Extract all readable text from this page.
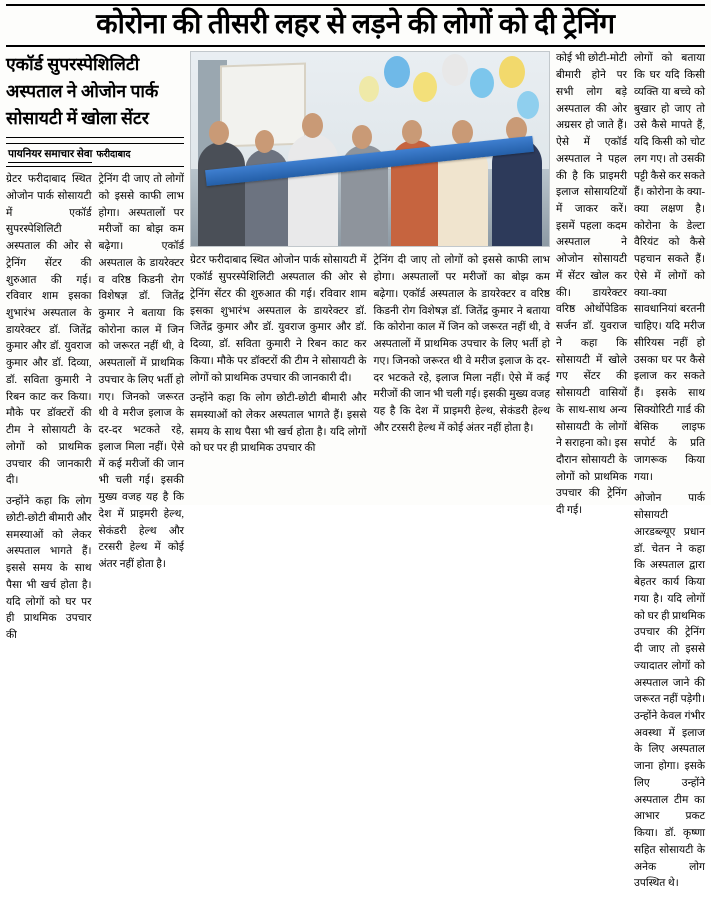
कोरोना की तीसरी लहर से लड़ने की लोगों को दी ट्रेनिंग
एकॉर्ड सुपरस्पेशिलिटी अस्पताल ने ओजोन पार्क सोसायटी में खोला सेंटर
पायनियर समाचार सेवा फरीदाबाद

ग्रेटर फरीदाबाद स्थित ओजोन पार्क सोसायटी में एकॉर्ड सुपरस्पेशिलिटी अस्पताल की ओर से ट्रेनिंग सेंटर की शुरुआत की गई। रविवार शाम इसका शुभारंभ अस्पताल के डायरेक्टर डॉ. जितेंद्र कुमार और डॉ. युवराज कुमार और डॉ. दिव्या, डॉ. सविता कुमारी ने रिबन काट कर किया। मौके पर डॉक्टरों की टीम ने सोसायटी के लोगों को प्राथमिक उपचार की जानकारी दी।

उन्होंने कहा कि लोग छोटी-छोटी बीमारी और समस्याओं को लेकर अस्पताल भागते हैं। इससे समय के साथ पैसा भी खर्च होता है। यदि लोगों को घर पर ही प्राथमिक उपचार की

ट्रेनिंग दी जाए तो लोगों को इससे काफी लाभ होगा। अस्पतालों पर मरीजों का बोझ कम बढ़ेगा। एकॉर्ड अस्पताल के डायरेक्टर व वरिष्ठ किडनी रोग विशेषज्ञ डॉ. जितेंद्र कुमार ने बताया कि कोरोना काल में जिन को जरूरत नहीं थी, वे अस्पतालों में प्राथमिक उपचार के लिए भर्ती हो गए। जिनको जरूरत थी वे मरीज इलाज के दर-दर भटकते रहे, इलाज मिला नहीं। ऐसे में कई मरीजों की जान भी चली गई। इसकी मुख्य वजह यह है कि देश में प्राइमरी हेल्थ, सेकंडरी हेल्थ और टरसरी हेल्थ में कोई अंतर नहीं होता है।

ग्रेटर फरीदाबाद स्थित ओजोन पार्क सोसायटी में एकॉर्ड सुपरस्पेशिलिटी अस्पताल की ओर से ट्रेनिंग सेंटर की शुरुआत की गई। रविवार शाम इसका शुभारंभ अस्पताल के डायरेक्टर डॉ. जितेंद्र कुमार और डॉ. युवराज कुमार और डॉ. दिव्या, डॉ. सविता कुमारी ने रिबन काट कर किया। मौके पर डॉक्टरों की टीम ने सोसायटी के लोगों को प्राथमिक उपचार की जानकारी दी।

उन्होंने कहा कि लोग छोटी-छोटी बीमारी और समस्याओं को लेकर अस्पताल भागते हैं। इससे समय के साथ पैसा भी खर्च होता है। यदि लोगों को घर पर ही प्राथमिक उपचार की

ट्रेनिंग दी जाए तो लोगों को इससे काफी लाभ होगा। अस्पतालों पर मरीजों का बोझ कम बढ़ेगा। एकॉर्ड अस्पताल के डायरेक्टर व वरिष्ठ किडनी रोग विशेषज्ञ डॉ. जितेंद्र कुमार ने बताया कि कोरोना काल में जिन को जरूरत नहीं थी, वे अस्पतालों में प्राथमिक उपचार के लिए भर्ती हो गए। जिनको जरूरत थी वे मरीज इलाज के दर-दर भटकते रहे, इलाज मिला नहीं। ऐसे में कई मरीजों की जान भी चली गई। इसकी मुख्य वजह यह है कि देश में प्राइमरी हेल्थ, सेकंडरी हेल्थ और टरसरी हेल्थ में कोई अंतर नहीं होता है।

कोई भी छोटी-मोटी बीमारी होने पर सभी लोग बड़े अस्पताल की ओर अग्रसर हो जाते हैं। ऐसे में एकॉर्ड अस्पताल ने पहल की है कि प्राइमरी इलाज सोसायटियों में जाकर करें। इसमें पहला कदम अस्पताल ने ओजोन सोसायटी में सेंटर खोल कर की। डायरेक्टर वरिष्ठ ओर्थोपेडिक सर्जन डॉ. युवराज ने कहा कि सोसायटी में खोले गए सेंटर की सोसायटी वासियों के साथ-साथ अन्य सोसायटी के लोगों ने सराहना को। इस दौरान सोसायटी के लोगों को प्राथमिक उपचार की ट्रेनिंग दी गई।

लोगों को बताया कि घर यदि किसी व्यक्ति या बच्चे को बुखार हो जाए तो उसे कैसे मापते हैं, यदि किसी को चोट लग गए। तो उसकी पट्टी कैसे कर सकते हैं। कोरोना के क्या-क्या लक्षण है। कोरोना के डेल्टा वैरियंट को कैसे पहचान सकते हैं। ऐसे में लोगों को क्या-क्या सावधानियां बरतनी चाहिए। यदि मरीज सीरियस नहीं हो उसका घर पर कैसे इलाज कर सकते हैं। इसके साथ सिक्योरिटी गार्ड की बेसिक लाइफ सपोर्ट के प्रति जागरूक किया गया।

ओजोन पार्क सोसायटी आरडब्ल्यूए प्रधान डॉ. चेतन ने कहा कि अस्पताल द्वारा बेहतर कार्य किया गया है। यदि लोगों को घर ही प्राथमिक उपचार की ट्रेनिंग दी जाए तो इससे ज्यादातर लोगों को अस्पताल जाने की जरूरत नहीं पड़ेगी। उन्होंने केवल गंभीर अवस्था में इलाज के लिए अस्पताल जाना होगा। इसके लिए उन्होंने अस्पताल टीम का आभार प्रकट किया। डॉ. कृष्णा सहित सोसायटी के अनेक लोग उपस्थित थे।
